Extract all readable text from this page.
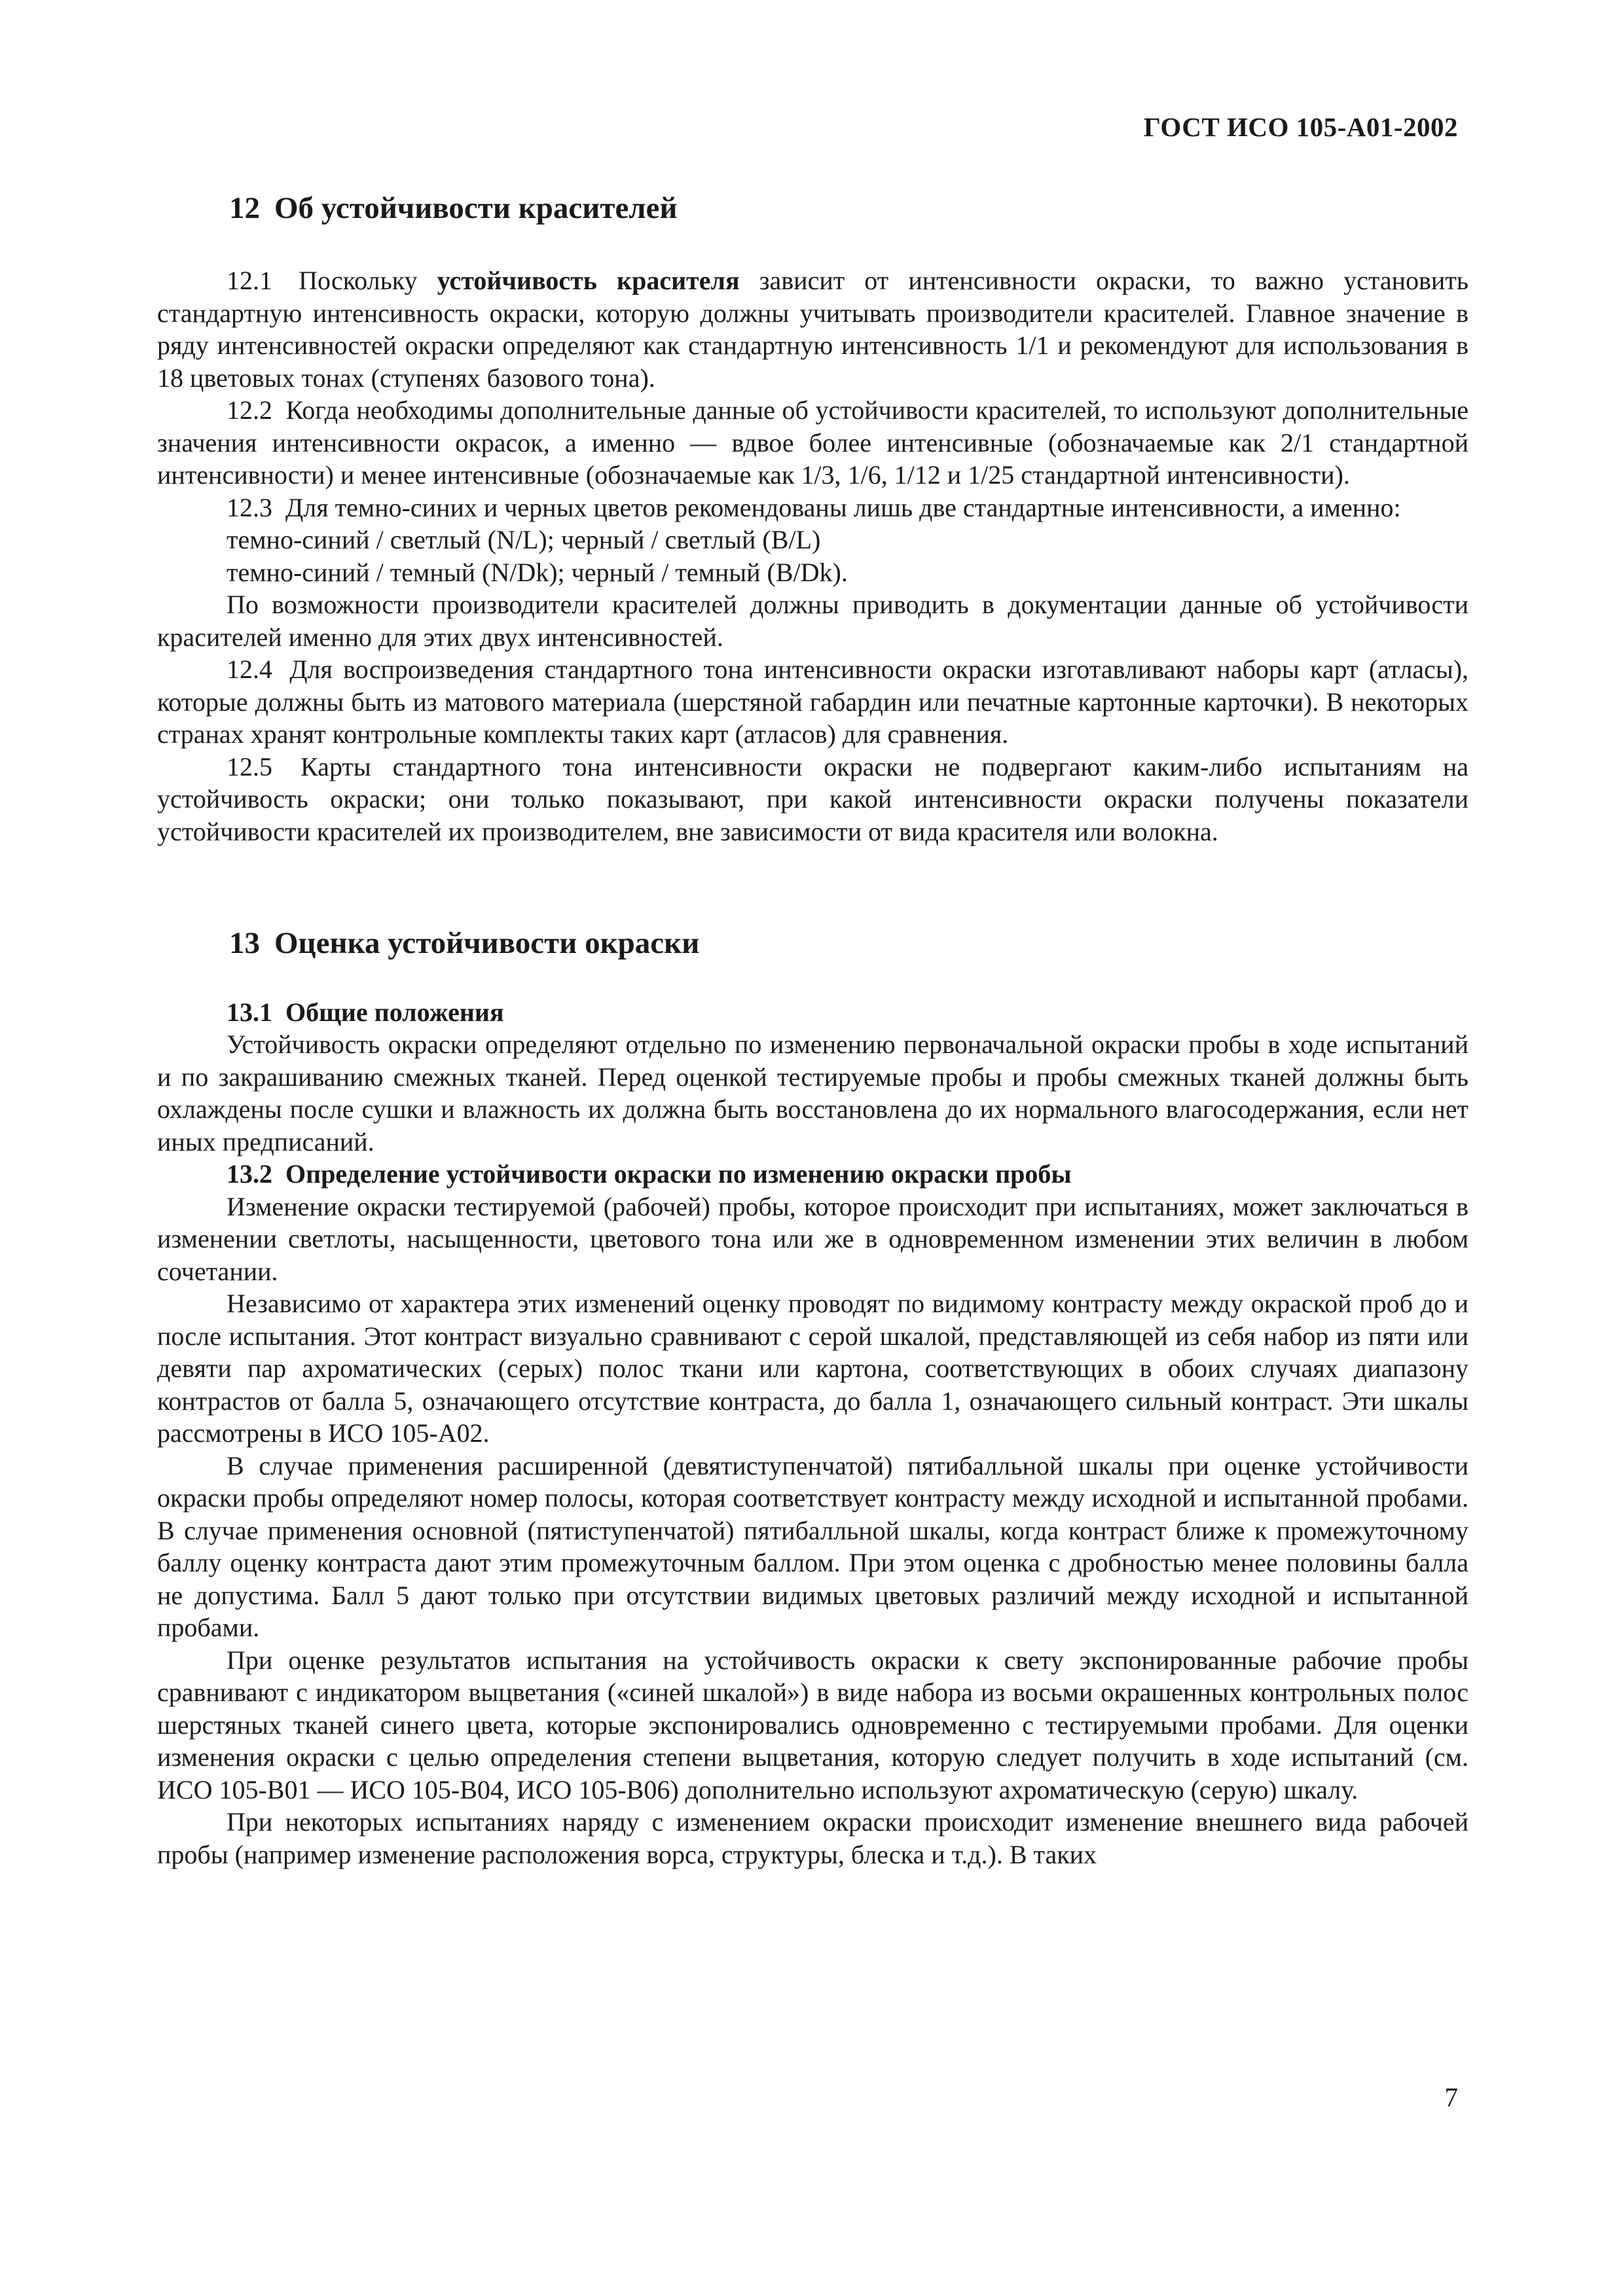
ГОСТ ИСО 105-А01-2002
12 Об устойчивости красителей

12.1 Поскольку устойчивость красителя зависит от интенсивности окраски, то важно установить стандартную интенсивность окраски, которую должны учитывать производители красителей. Главное значение в ряду интенсивностей окраски определяют как стандартную интенсивность 1/1 и рекомендуют для использования в 18 цветовых тонах (ступенях базового тона).

12.2 Когда необходимы дополнительные данные об устойчивости красителей, то используют дополнительные значения интенсивности окрасок, а именно — вдвое более интенсивные (обозначаемые как 2/1 стандартной интенсивности) и менее интенсивные (обозначаемые как 1/3, 1/6, 1/12 и 1/25 стандартной интенсивности).

12.3 Для темно-синих и черных цветов рекомендованы лишь две стандартные интенсивности, а именно:

темно-синий / светлый (N/L); черный / светлый (B/L)

темно-синий / темный (N/Dk); черный / темный (B/Dk).

По возможности производители красителей должны приводить в документации данные об устойчивости красителей именно для этих двух интенсивностей.

12.4 Для воспроизведения стандартного тона интенсивности окраски изготавливают наборы карт (атласы), которые должны быть из матового материала (шерстяной габардин или печатные картонные карточки). В некоторых странах хранят контрольные комплекты таких карт (атласов) для сравнения.

12.5 Карты стандартного тона интенсивности окраски не подвергают каким-либо испытаниям на устойчивость окраски; они только показывают, при какой интенсивности окраски получены показатели устойчивости красителей их производителем, вне зависимости от вида красителя или волокна.

13 Оценка устойчивости окраски
13.1 Общие положения

Устойчивость окраски определяют отдельно по изменению первоначальной окраски пробы в ходе испытаний и по закрашиванию смежных тканей. Перед оценкой тестируемые пробы и пробы смежных тканей должны быть охлаждены после сушки и влажность их должна быть восстановлена до их нормального влагосодержания, если нет иных предписаний.

13.2 Определение устойчивости окраски по изменению окраски пробы

Изменение окраски тестируемой (рабочей) пробы, которое происходит при испытаниях, может заключаться в изменении светлоты, насыщенности, цветового тона или же в одновременном изменении этих величин в любом сочетании.

Независимо от характера этих изменений оценку проводят по видимому контрасту между окраской проб до и после испытания. Этот контраст визуально сравнивают с серой шкалой, представляющей из себя набор из пяти или девяти пар ахроматических (серых) полос ткани или картона, соответствующих в обоих случаях диапазону контрастов от балла 5, означающего отсутствие контраста, до балла 1, означающего сильный контраст. Эти шкалы рассмотрены в ИСО 105-А02.

В случае применения расширенной (девятиступенчатой) пятибалльной шкалы при оценке устойчивости окраски пробы определяют номер полосы, которая соответствует контрасту между исходной и испытанной пробами. В случае применения основной (пятиступенчатой) пятибалльной шкалы, когда контраст ближе к промежуточному баллу оценку контраста дают этим промежуточным баллом. При этом оценка с дробностью менее половины балла не допустима. Балл 5 дают только при отсутствии видимых цветовых различий между исходной и испытанной пробами.

При оценке результатов испытания на устойчивость окраски к свету экспонированные рабочие пробы сравнивают с индикатором выцветания («синей шкалой») в виде набора из восьми окрашенных контрольных полос шерстяных тканей синего цвета, которые экспонировались одновременно с тестируемыми пробами. Для оценки изменения окраски с целью определения степени выцветания, которую следует получить в ходе испытаний (см. ИСО 105-В01 — ИСО 105-В04, ИСО 105-В06) дополнительно используют ахроматическую (серую) шкалу.

При некоторых испытаниях наряду с изменением окраски происходит изменение внешнего вида рабочей пробы (например изменение расположения ворса, структуры, блеска и т.д.). В таких

7
